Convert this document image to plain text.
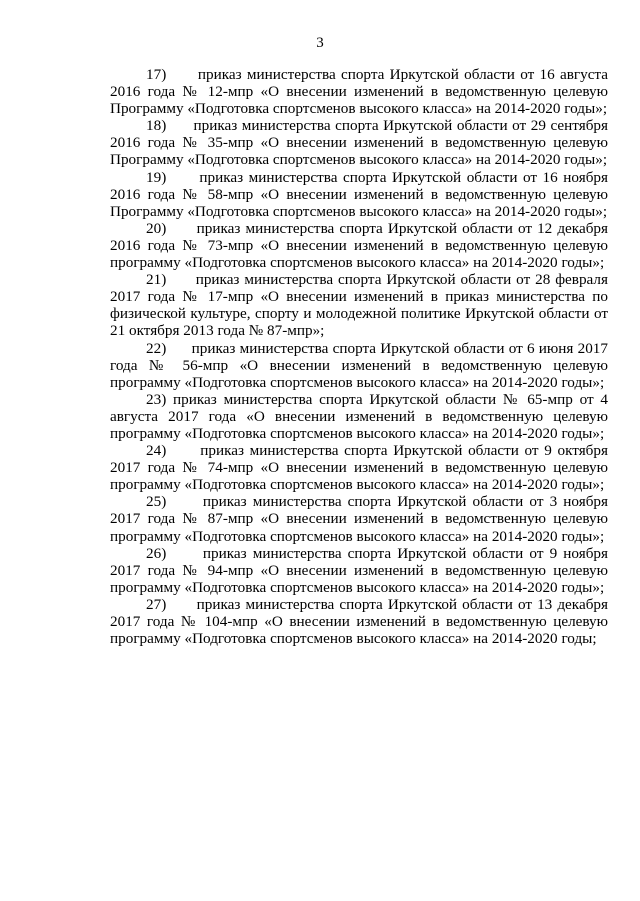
3

17)      приказ министерства спорта Иркутской области от 16 августа 2016 года № 12-мпр «О внесении изменений в ведомственную целевую Программу «Подготовка спортсменов высокого класса» на 2014-2020 годы»;

18)      приказ министерства спорта Иркутской области от 29 сентября 2016 года № 35-мпр «О внесении изменений в ведомственную целевую Программу «Подготовка спортсменов высокого класса» на 2014-2020 годы»;

19)      приказ министерства спорта Иркутской области от 16 ноября 2016 года № 58-мпр «О внесении изменений в ведомственную целевую Программу «Подготовка спортсменов высокого класса» на 2014-2020 годы»;

20)      приказ министерства спорта Иркутской области от 12 декабря 2016 года № 73-мпр «О внесении изменений в ведомственную целевую программу «Подготовка спортсменов высокого класса» на 2014-2020 годы»;

21)      приказ министерства спорта Иркутской области от 28 февраля 2017 года № 17-мпр «О внесении изменений в приказ министерства по физической культуре, спорту и молодежной политике Иркутской области от 21 октября 2013 года № 87-мпр»;

22)      приказ министерства спорта Иркутской области от 6 июня 2017 года № 56-мпр «О внесении изменений в ведомственную целевую программу «Подготовка спортсменов высокого класса» на 2014-2020 годы»;

23) приказ министерства спорта Иркутской области № 65-мпр от 4 августа 2017 года «О внесении изменений в ведомственную целевую программу «Подготовка спортсменов высокого класса» на 2014-2020 годы»;

24)      приказ министерства спорта Иркутской области от 9 октября 2017 года № 74-мпр «О внесении изменений в ведомственную целевую программу «Подготовка спортсменов высокого класса» на 2014-2020 годы»;

25)      приказ министерства спорта Иркутской области от 3 ноября 2017 года № 87-мпр «О внесении изменений в ведомственную целевую программу «Подготовка спортсменов высокого класса» на 2014-2020 годы»;

26)      приказ министерства спорта Иркутской области от 9 ноября 2017 года № 94-мпр «О внесении изменений в ведомственную целевую программу «Подготовка спортсменов высокого класса» на 2014-2020 годы»;

27)      приказ министерства спорта Иркутской области от 13 декабря 2017 года № 104-мпр «О внесении изменений в ведомственную целевую программу «Подготовка спортсменов высокого класса» на 2014-2020 годы;
